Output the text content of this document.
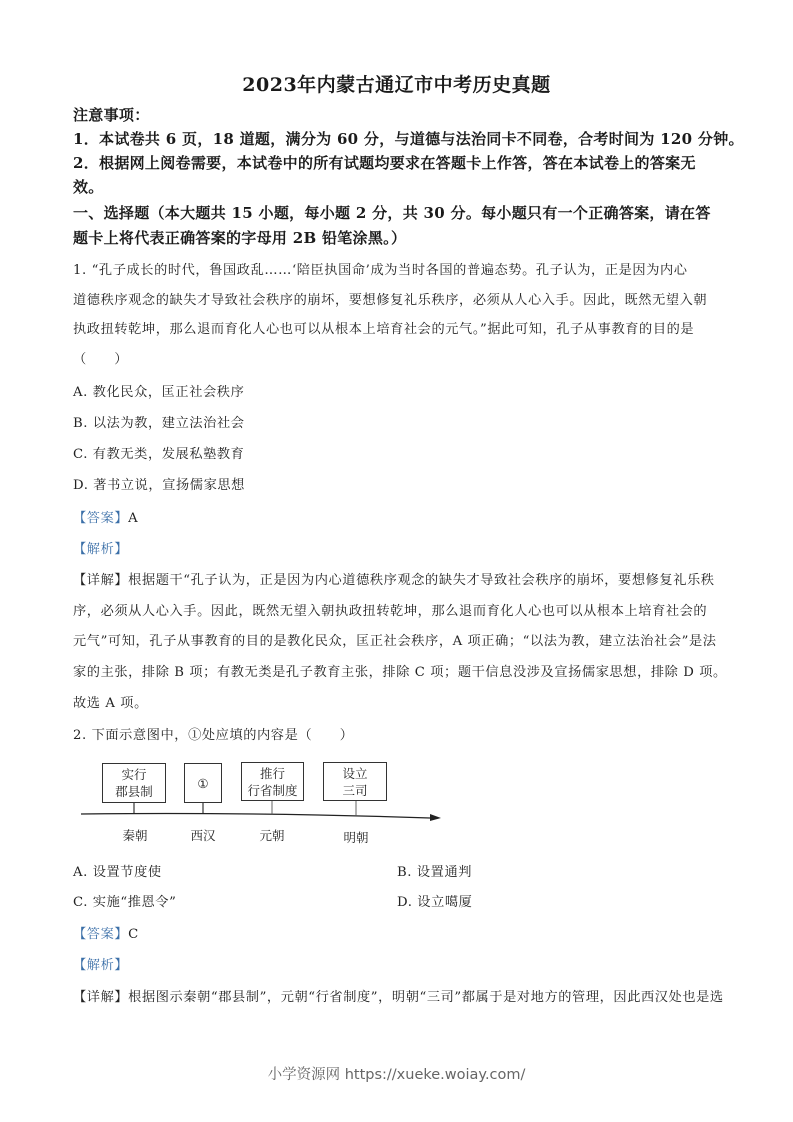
2023年内蒙古通辽市中考历史真题
注意事项：
1．本试卷共 6 页，18 道题，满分为 60 分，与道德与法治同卡不同卷，合考时间为 120 分钟。
2．根据网上阅卷需要，本试卷中的所有试题均要求在答题卡上作答，答在本试卷上的答案无
效。
一、选择题（本大题共 15 小题，每小题 2 分，共 30 分。每小题只有一个正确答案，请在答
题卡上将代表正确答案的字母用 2B 铅笔涂黑。）
1. “孔子成长的时代，鲁国政乱……‘陪臣执国命’成为当时各国的普遍态势。孔子认为，正是因为内心
道德秩序观念的缺失才导致社会秩序的崩坏，要想修复礼乐秩序，必须从人心入手。因此，既然无望入朝
执政扭转乾坤，那么退而育化人心也可以从根本上培育社会的元气。”据此可知，孔子从事教育的目的是
（　　）
A. 教化民众，匡正社会秩序
B. 以法为教，建立法治社会
C. 有教无类，发展私塾教育
D. 著书立说，宣扬儒家思想
【答案】A
【解析】
【详解】根据题干“孔子认为，正是因为内心道德秩序观念的缺失才导致社会秩序的崩坏，要想修复礼乐秩
序，必须从人心入手。因此，既然无望入朝执政扭转乾坤，那么退而育化人心也可以从根本上培育社会的
元气”可知，孔子从事教育的目的是教化民众，匡正社会秩序，A 项正确；“以法为教，建立法治社会”是法
家的主张，排除 B 项；有教无类是孔子教育主张，排除 C 项；题干信息没涉及宣扬儒家思想，排除 D 项。
故选 A 项。
2. 下面示意图中，①处应填的内容是（　　）
实行
郡县制
①
推行
行省制度
设立
三司
秦朝	西汉	元朝	明朝
A. 设置节度使	B. 设置通判
C. 实施“推恩令”	D. 设立噶厦
【答案】C
【解析】
【详解】根据图示秦朝“郡县制”，元朝“行省制度”，明朝“三司”都属于是对地方的管理，因此西汉处也是选
小学资源网 https://xueke.woiay.com/
